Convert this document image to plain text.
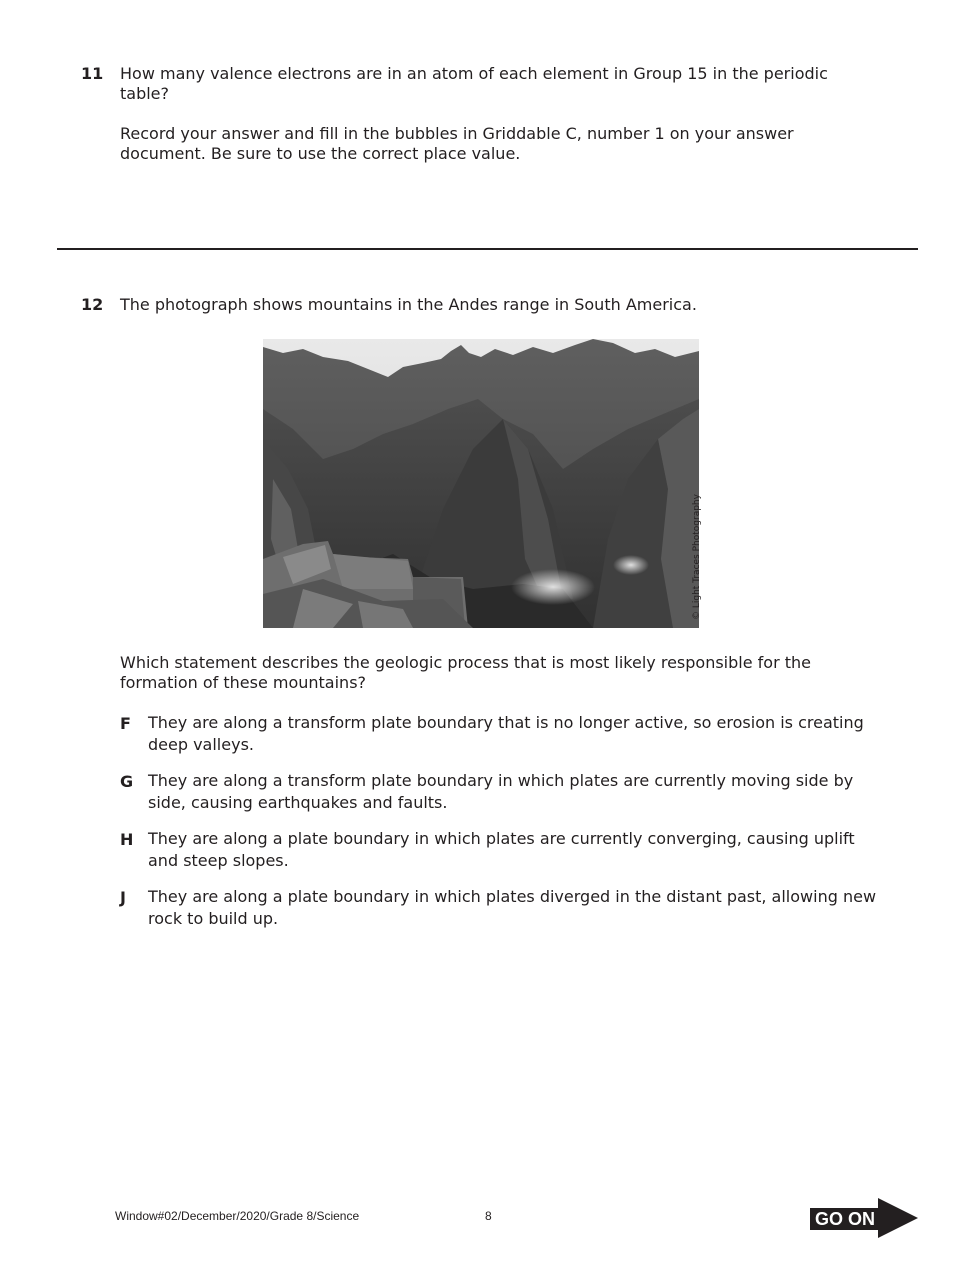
11 How many valence electrons are in an atom of each element in Group 15 in the periodic
table?
Record your answer and fill in the bubbles in Griddable C, number 1 on your answer
document. Be sure to use the correct place value.
12 The photograph shows mountains in the Andes range in South America.
© Light Traces Photography
Which statement describes the geologic process that is most likely responsible for the
formation of these mountains?
F They are along a transform plate boundary that is no longer active, so erosion is creating
deep valleys.
G They are along a transform plate boundary in which plates are currently moving side by
side, causing earthquakes and faults.
H They are along a plate boundary in which plates are currently converging, causing uplift
and steep slopes.
J They are along a plate boundary in which plates diverged in the distant past, allowing new
rock to build up.
Window#02/December/2020/Grade 8/Science	8	GO ON
